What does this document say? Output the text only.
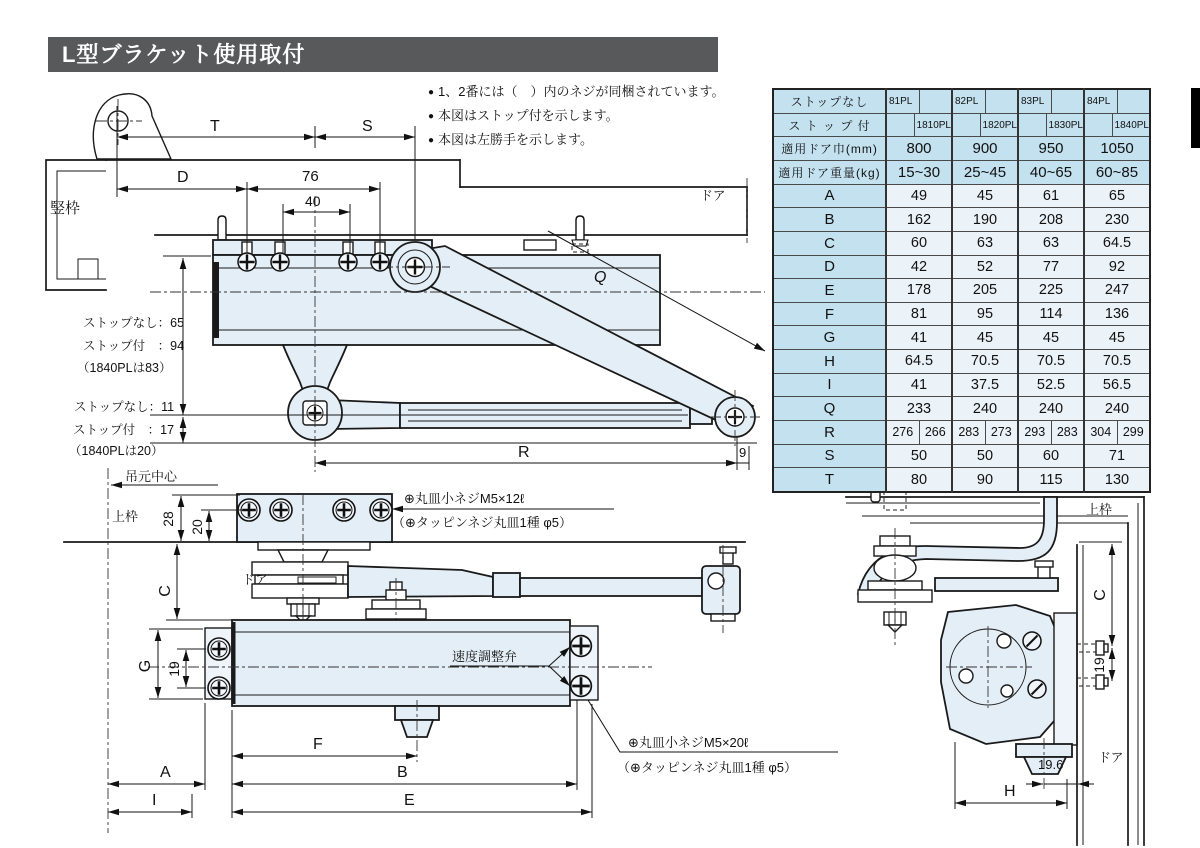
竪枠
ドア
T	S
D	76
40
Q
ストップなし：65
ストップ付　：94
（1840PLは83）
ストップなし：11
ストップ付　：17
（1840PLは20）	R	9
吊元中心
上枠
ドア
C
28
20
G 19
F
A	B
I	E
速度調整弁
⊕丸皿小ネジM5×12ℓ
（⊕タッピンネジ丸皿1種 φ5）
⊕丸皿小ネジM5×20ℓ
（⊕タッピンネジ丸皿1種 φ5）
上枠
ドア
C
19
19.6
H
L型ブラケット使用取付
● 1、2番には（　）内のネジが同梱されています。
● 本図はストップ付を示します。
● 本図は左勝手を示します。
ストップなし	81PL	82PL	83PL	84PL

ス ト ッ プ 付	1810PL	1820PL	1830PL	1840PL

適用ドア巾(mm)	800	900	950	1050
適用ドア重量(kg)	15~30	25~45	40~65	60~85
A	49	45	61	65
B	162	190	208	230
C	60	63	63	64.5
D	42	52	77	92
E	178	205	225	247
F	81	95	114	136
G	41	45	45	45
H	64.5	70.5	70.5	70.5
I	41	37.5	52.5	56.5
Q	233	240	240	240
R	276 266	283 273	293 283	304 299

S	50	50	60	71
T	80	90	115	130
